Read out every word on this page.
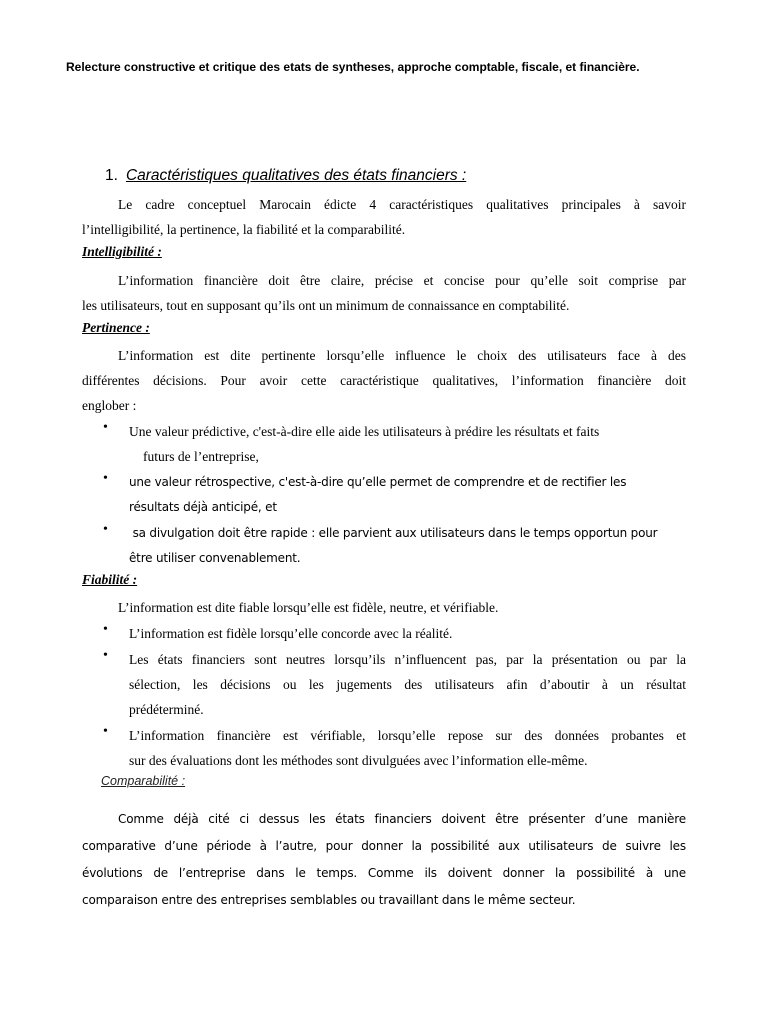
Relecture constructive et critique des etats de syntheses, approche comptable, fiscale, et financière.
1. Caractéristiques qualitatives des états financiers :
Le cadre conceptuel Marocain édicte 4 caractéristiques qualitatives principales à savoir
l’intelligibilité, la pertinence, la fiabilité et la comparabilité.
Intelligibilité :
L’information financière doit être claire, précise et concise pour qu’elle soit comprise par
les utilisateurs, tout en supposant qu’ils ont un minimum de connaissance en comptabilité.
Pertinence :
L’information est dite pertinente lorsqu’elle influence le choix des utilisateurs face à des
différentes décisions. Pour avoir cette caractéristique qualitatives, l’information financière doit
englober :
• Une valeur prédictive, c'est-à-dire elle aide les utilisateurs à prédire les résultats et faits
futurs de l’entreprise,
• une valeur rétrospective, c'est-à-dire qu’elle permet de comprendre et de rectifier les
résultats déjà anticipé, et
• sa divulgation doit être rapide : elle parvient aux utilisateurs dans le temps opportun pour
être utiliser convenablement.
Fiabilité :
L’information est dite fiable lorsqu’elle est fidèle, neutre, et vérifiable.
• L’information est fidèle lorsqu’elle concorde avec la réalité.
• Les états financiers sont neutres lorsqu’ils n’influencent pas, par la présentation ou par la
sélection, les décisions ou les jugements des utilisateurs afin d’aboutir à un résultat
prédéterminé.
• L’information financière est vérifiable, lorsqu’elle repose sur des données probantes et
sur des évaluations dont les méthodes sont divulguées avec l’information elle-même.
Comparabilité :
Comme déjà cité ci dessus les états financiers doivent être présenter d’une manière
comparative d’une période à l’autre, pour donner la possibilité aux utilisateurs de suivre les
évolutions de l’entreprise dans le temps. Comme ils doivent donner la possibilité à une
comparaison entre des entreprises semblables ou travaillant dans le même secteur.
